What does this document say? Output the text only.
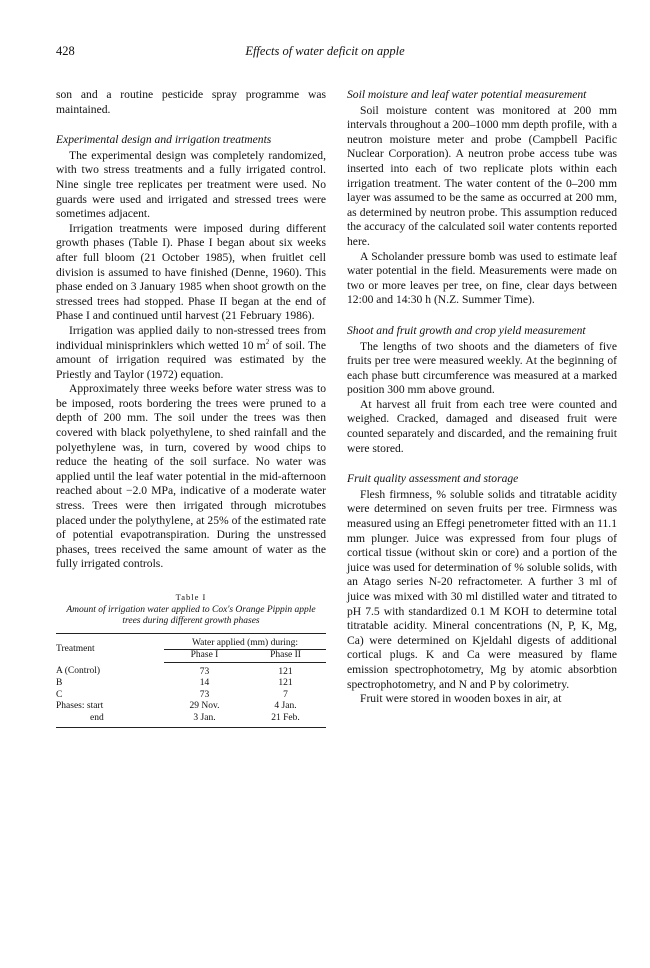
428	Effects of water deficit on apple

son and a routine pesticide spray programme was maintained.

Experimental design and irrigation treatments

The experimental design was completely randomized, with two stress treatments and a fully irrigated control. Nine single tree replicates per treatment were used. No guards were used and irrigated and stressed trees were sometimes adjacent.

Irrigation treatments were imposed during different growth phases (Table I). Phase I began about six weeks after full bloom (21 October 1985), when fruitlet cell division is assumed to have finished (Denne, 1960). This phase ended on 3 January 1985 when shoot growth on the stressed trees had stopped. Phase II began at the end of Phase I and continued until harvest (21 February 1986).

Irrigation was applied daily to non-stressed trees from individual minisprinklers which wetted 10 $m^2$ of soil. The amount of irrigation required was estimated by the Priestly and Taylor (1972) equation.

Approximately three weeks before water stress was to be imposed, roots bordering the trees were pruned to a depth of 200 mm. The soil under the trees was then covered with black polyethylene, to shed rainfall and the polyethylene was, in turn, covered by wood chips to reduce the heating of the soil surface. No water was applied until the leaf water potential in the mid-afternoon reached about −2.0 MPa, indicative of a moderate water stress. Trees were then irrigated through microtubes placed under the polythylene, at 25% of the estimated rate of potential evapotranspiration. During the unstressed phases, trees received the same amount of water as the fully irrigated controls.

Table I
Amount of irrigation water applied to Cox's Orange Pippin apple trees during different growth phases
Treatment	Water applied (mm) during:	
	Phase I	Phase II
A (Control)	73	121
B	14	121
C	73	7
Phases: start	29 Nov.	4 Jan.
end	3 Jan.	21 Feb.
Soil moisture and leaf water potential measurement

Soil moisture content was monitored at 200 mm intervals throughout a 200–1000 mm depth profile, with a neutron moisture meter and probe (Campbell Pacific Nuclear Corporation). A neutron probe access tube was inserted into each of two replicate plots within each irrigation treatment. The water content of the 0–200 mm layer was assumed to be the same as occurred at 200 mm, as determined by neutron probe. This assumption reduced the accuracy of the calculated soil water contents reported here.

A Scholander pressure bomb was used to estimate leaf water potential in the field. Measurements were made on two or more leaves per tree, on fine, clear days between 12:00 and 14:30 h (N.Z. Summer Time).

Shoot and fruit growth and crop yield measurement

The lengths of two shoots and the diameters of five fruits per tree were measured weekly. At the beginning of each phase butt circumference was measured at a marked position 300 mm above ground.

At harvest all fruit from each tree were counted and weighed. Cracked, damaged and diseased fruit were counted separately and discarded, and the remaining fruit were stored.

Fruit quality assessment and storage

Flesh firmness, % soluble solids and titratable acidity were determined on seven fruits per tree. Firmness was measured using an Effegi penetrometer fitted with an 11.1 mm plunger. Juice was expressed from four plugs of cortical tissue (without skin or core) and a portion of the juice was used for determination of % soluble solids, with an Atago series N-20 refractometer. A further 3 ml of juice was mixed with 30 ml distilled water and titrated to pH 7.5 with standardized 0.1 M KOH to determine total titratable acidity. Mineral concentrations (N, P, K, Mg, Ca) were determined on Kjeldahl digests of additional cortical plugs. K and Ca were measured by flame emission spectrophotometry, Mg by atomic absorbtion spectrophotometry, and N and P by colorimetry.

Fruit were stored in wooden boxes in air, at
